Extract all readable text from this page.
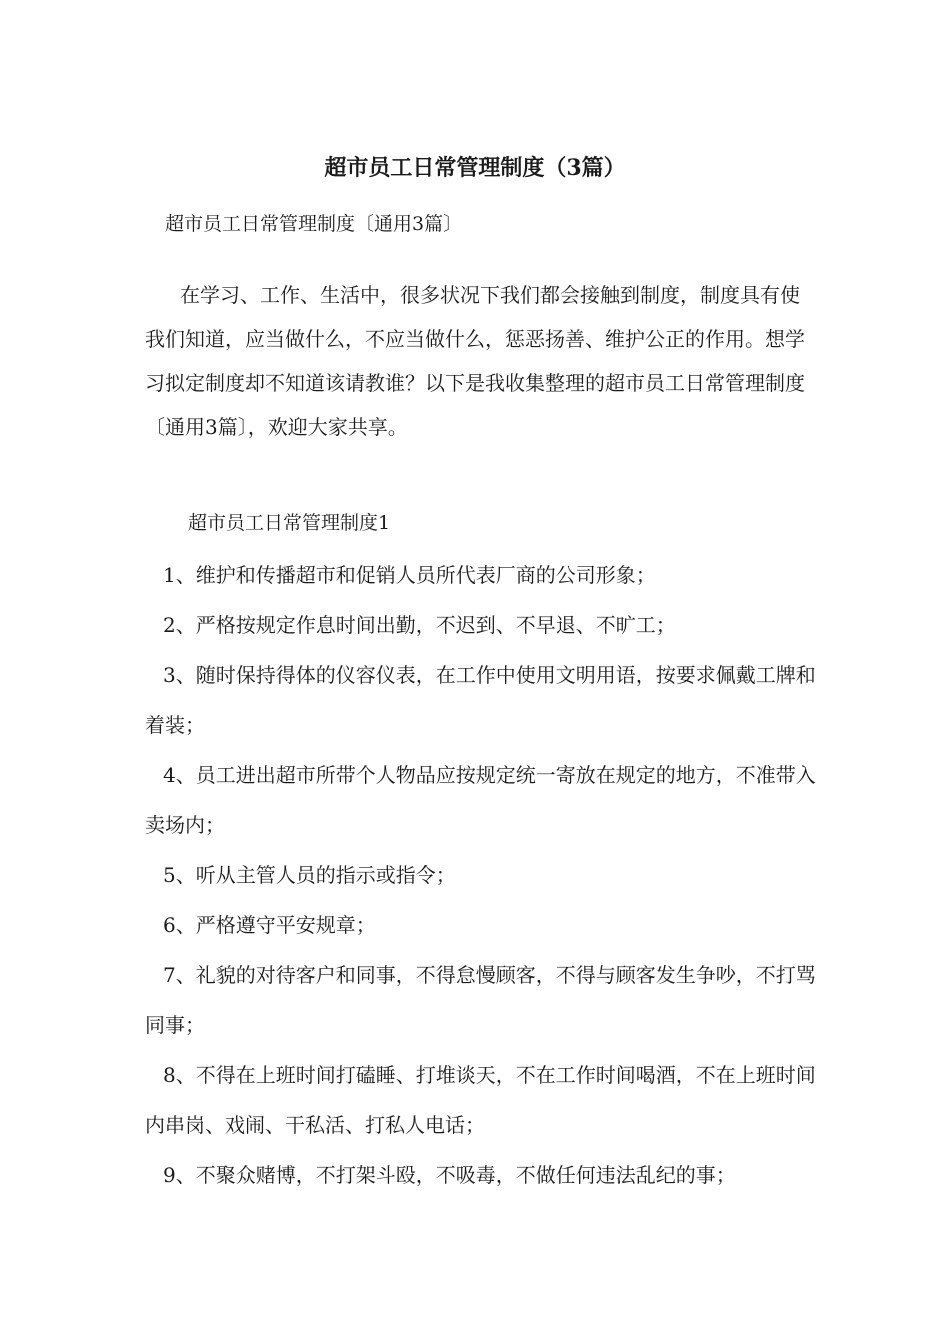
超市员工日常管理制度（3篇）
超市员工日常管理制度〔通用3篇〕

在学习、工作、生活中，很多状况下我们都会接触到制度，制度具有使我们知道，应当做什么，不应当做什么，惩恶扬善、维护公正的作用。想学习拟定制度却不知道该请教谁？以下是我收集整理的超市员工日常管理制度〔通用3篇〕，欢迎大家共享。

超市员工日常管理制度1
1、维护和传播超市和促销人员所代表厂商的公司形象；
2、严格按规定作息时间出勤，不迟到、不早退、不旷工；
3、随时保持得体的仪容仪表，在工作中使用文明用语，按要求佩戴工牌和着装；
4、员工进出超市所带个人物品应按规定统一寄放在规定的地方，不准带入卖场内；
5、听从主管人员的指示或指令；
6、严格遵守平安规章；
7、礼貌的对待客户和同事，不得怠慢顾客，不得与顾客发生争吵，不打骂同事；
8、不得在上班时间打磕睡、打堆谈天，不在工作时间喝酒，不在上班时间内串岗、戏闹、干私活、打私人电话；
9、不聚众赌博，不打架斗殴，不吸毒，不做任何违法乱纪的事；
